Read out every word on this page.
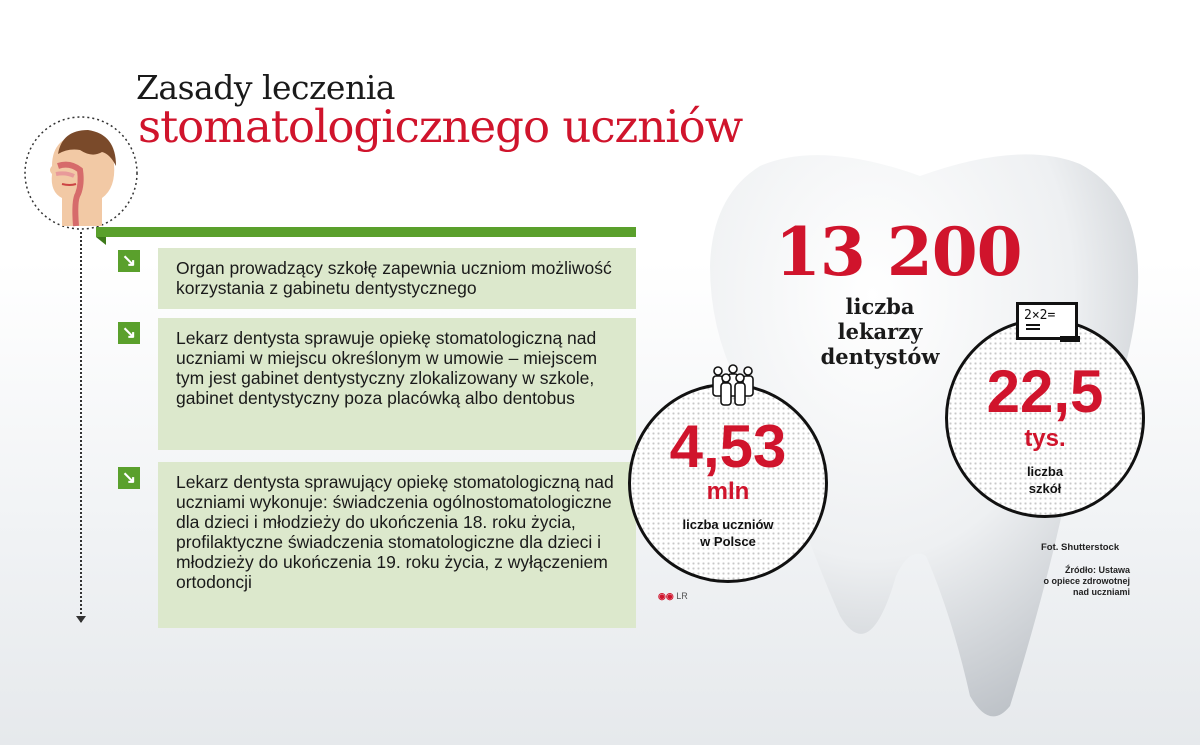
Zasady leczenia
stomatologicznego uczniów
↘	Organ prowadzący szkołę zapewnia uczniom możliwość korzystania z gabinetu dentystycznego
↘	Lekarz dentysta sprawuje opiekę stomatologiczną nad uczniami w miejscu określonym w umowie – miejscem tym jest gabinet dentystyczny zlokalizowany w szkole, gabinet dentystyczny poza placówką albo dentobus
↘	Lekarz dentysta sprawujący opiekę stomatologiczną nad uczniami wykonuje: świadczenia ogólnostomatologiczne dla dzieci i młodzieży do ukończenia 18. roku życia, profilaktyczne świadczenia stomatologiczne dla dzieci i młodzieży do ukończenia 19. roku życia, z wyłączeniem ortodoncji
13 200
liczba lekarzy
dentystów
4,53
mln
liczba uczniów
w Polsce
22,5
tys.
liczba
szkół
2×2=
Fot. Shutterstock
Źródło: Ustawa
o opiece zdrowotnej
nad uczniami
◉◉ LR
